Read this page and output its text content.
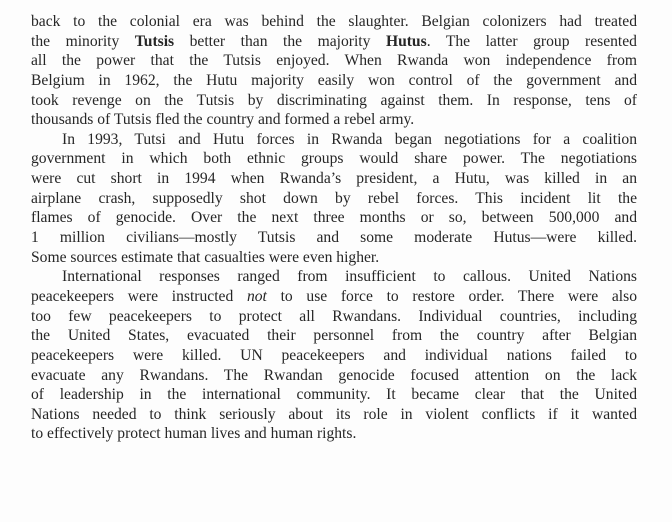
back to the colonial era was behind the slaughter. Belgian colonizers had treated
the minority Tutsis better than the majority Hutus. The latter group resented
all the power that the Tutsis enjoyed. When Rwanda won independence from
Belgium in 1962, the Hutu majority easily won control of the government and
took revenge on the Tutsis by discriminating against them. In response, tens of
thousands of Tutsis fled the country and formed a rebel army.
In 1993, Tutsi and Hutu forces in Rwanda began negotiations for a coalition
government in which both ethnic groups would share power. The negotiations
were cut short in 1994 when Rwanda’s president, a Hutu, was killed in an
airplane crash, supposedly shot down by rebel forces. This incident lit the
flames of genocide. Over the next three months or so, between 500,000 and
1 million civilians—mostly Tutsis and some moderate Hutus—were killed.
Some sources estimate that casualties were even higher.
International responses ranged from insufficient to callous. United Nations
peacekeepers were instructed not to use force to restore order. There were also
too few peacekeepers to protect all Rwandans. Individual countries, including
the United States, evacuated their personnel from the country after Belgian
peacekeepers were killed. UN peacekeepers and individual nations failed to
evacuate any Rwandans. The Rwandan genocide focused attention on the lack
of leadership in the international community. It became clear that the United
Nations needed to think seriously about its role in violent conflicts if it wanted
to effectively protect human lives and human rights.
